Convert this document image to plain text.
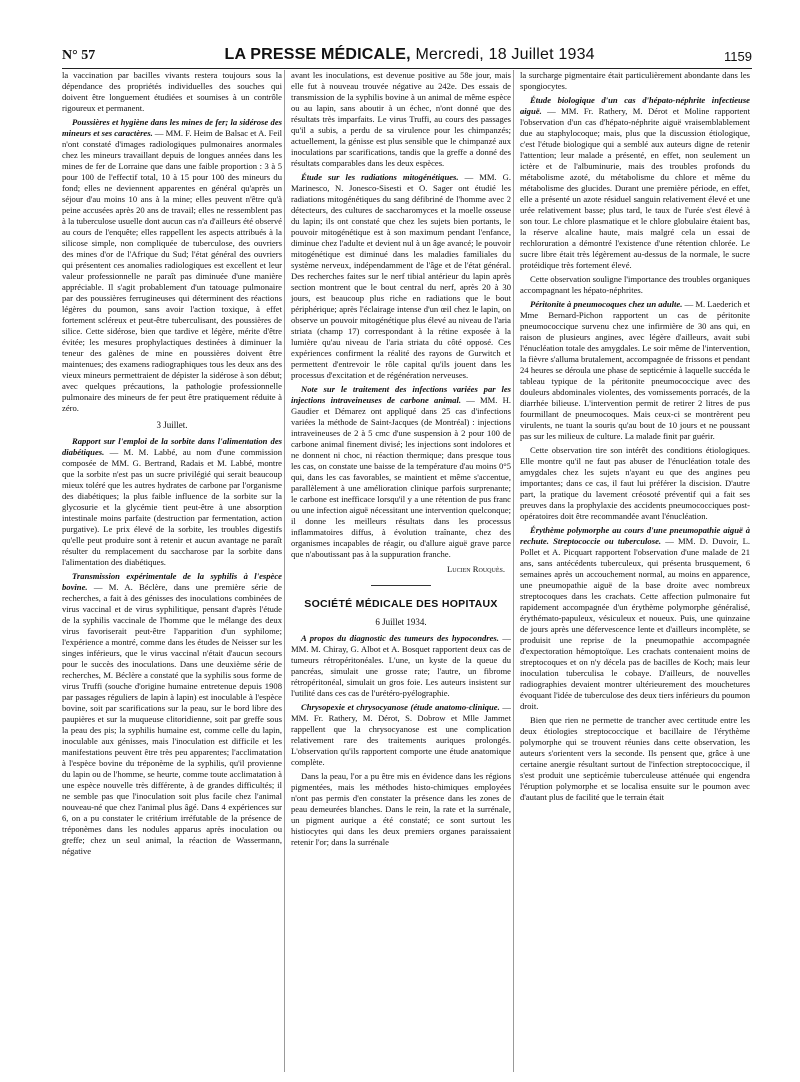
N° 57	LA PRESSE MÉDICALE, Mercredi, 18 Juillet 1934	1159

la vaccination par bacilles vivants restera toujours sous la dépendance des propriétés individuelles des souches qui doivent être longuement étudiées et soumises à un contrôle rigoureux et permanent.

Poussières et hygiène dans les mines de fer; la sidérose des mineurs et ses caractères. — MM. F. Heim de Balsac et A. Feil n'ont constaté d'images radiologiques pulmonaires anormales chez les mineurs travaillant depuis de longues années dans les mines de fer de Lorraine que dans une faible proportion : 3 à 5 pour 100 de l'effectif total, 10 à 15 pour 100 des mineurs du fond; elles ne deviennent apparentes en général qu'après un séjour d'au moins 10 ans à la mine; elles peuvent n'être qu'à peine accusées après 20 ans de travail; elles ne ressemblent pas à la tuberculose usuelle dont aucun cas n'a d'ailleurs été observé au cours de l'enquête; elles rappellent les aspects attribués à la silicose simple, non compliquée de tuberculose, des ouvriers des mines d'or de l'Afrique du Sud; l'état général des ouvriers qui présentent ces anomalies radiologiques est excellent et leur valeur professionnelle ne paraît pas diminuée d'une manière appréciable. Il s'agit probablement d'un tatouage pulmonaire par des poussières ferrugineuses qui déterminent des réactions légères du poumon, sans avoir l'action toxique, à effet fortement scléreux et peut-être tuberculisant, des poussières de silice. Cette sidérose, bien que tardive et légère, mérite d'être évitée; les mesures prophylactiques destinées à diminuer la teneur des galènes de mine en poussières doivent être maintenues; des examens radiographiques tous les deux ans des vieux mineurs permettraient de dépister la sidérose à son début; avec quelques précautions, la pathologie professionnelle pulmonaire des mineurs de fer peut être pratiquement réduite à zéro.

3 Juillet.

Rapport sur l'emploi de la sorbite dans l'alimentation des diabétiques. — M. M. Labbé, au nom d'une commission composée de MM. G. Bertrand, Radais et M. Labbé, montre que la sorbite n'est pas un sucre privilégié qui serait beaucoup mieux toléré que les autres hydrates de carbone par l'organisme des diabétiques; la plus faible influence de la sorbite sur la glycosurie et la glycémie tient peut-être à une absorption intestinale moins parfaite (destruction par fermentation, action purgative). Le prix élevé de la sorbite, les troubles digestifs qu'elle peut produire sont à retenir et aucun avantage ne paraît résulter du remplacement du saccharose par la sorbite dans l'alimentation des diabétiques.

Transmission expérimentale de la syphilis à l'espèce bovine. — M. A. Béclère, dans une première série de recherches, a fait à des génisses des inoculations combinées de virus vaccinal et de virus syphilitique, pensant d'après l'étude de la syphilis vaccinale de l'homme que le mélange des deux virus favoriserait peut-être l'apparition d'un syphilome; l'expérience a montré, comme dans les études de Neisser sur les singes inférieurs, que le virus vaccinal n'était d'aucun secours pour le succès des inoculations. Dans une deuxième série de recherches, M. Béclère a constaté que la syphilis sous forme de virus Truffi (souche d'origine humaine entretenue depuis 1908 par passages réguliers de lapin à lapin) est inoculable à l'espèce bovine, soit par scarifications sur la peau, sur le bord libre des paupières et sur la muqueuse clitoridienne, soit par greffe sous la peau des pis; la syphilis humaine est, comme celle du lapin, inoculable aux génisses, mais l'inoculation est difficile et les manifestations peuvent être très peu apparentes; l'acclimatation à l'espèce bovine du tréponème de la syphilis, qu'il provienne du lapin ou de l'homme, se heurte, comme toute acclimatation à une espèce nouvelle très différente, à de grandes difficultés; il ne semble pas que l'inoculation soit plus facile chez l'animal nouveau-né que chez l'animal plus âgé. Dans 4 expériences sur 6, on a pu constater le critérium irréfutable de la présence de tréponèmes dans les nodules apparus après inoculation ou greffe; chez un seul animal, la réaction de Wassermann, négative

avant les inoculations, est devenue positive au 58e jour, mais elle fut à nouveau trouvée négative au 242e. Des essais de transmission de la syphilis bovine à un animal de même espèce ou au lapin, sans aboutir à un échec, n'ont donné que des résultats très imparfaits. Le virus Truffi, au cours des passages qu'il a subis, a perdu de sa virulence pour les chimpanzés; actuellement, la génisse est plus sensible que le chimpanzé aux inoculations par scarifications, tandis que la greffe a donné des résultats comparables dans les deux espèces.

Étude sur les radiations mitogénétiques. — MM. G. Marinesco, N. Jonesco-Sisesti et O. Sager ont étudié les radiations mitogénétiques du sang défibriné de l'homme avec 2 détecteurs, des cultures de saccharomyces et la moelle osseuse du lapin; ils ont constaté que chez les sujets bien portants, le pouvoir mitogénétique est à son maximum pendant l'enfance, diminue chez l'adulte et devient nul à un âge avancé; le pouvoir mitogénétique est diminué dans les maladies familiales du système nerveux, indépendamment de l'âge et de l'état général. Des recherches faites sur le nerf tibial antérieur du lapin après section montrent que le bout central du nerf, après 20 à 30 jours, est beaucoup plus riche en radiations que le bout périphérique; après l'éclairage intense d'un œil chez le lapin, on observe un pouvoir mitogénétique plus élevé au niveau de l'aria striata (champ 17) correspondant à la rétine exposée à la lumière qu'au niveau de l'aria striata du côté opposé. Ces expériences confirment la réalité des rayons de Gurwitch et permettent d'entrevoir le rôle capital qu'ils jouent dans les processus d'excitation et de régénération nerveuses.

Note sur le traitement des infections variées par les injections intraveineuses de carbone animal. — MM. H. Gaudier et Démarez ont appliqué dans 25 cas d'infections variées la méthode de Saint-Jacques (de Montréal) : injections intraveineuses de 2 à 5 cmc d'une suspension à 2 pour 100 de carbone animal finement divisé; les injections sont indolores et ne donnent ni choc, ni réaction thermique; dans presque tous les cas, on constate une baisse de la température d'au moins 0°5 qui, dans les cas favorables, se maintient et même s'accentue, parallèlement à une amélioration clinique parfois surprenante; le carbone est inefficace lorsqu'il y a une rétention de pus franc ou une infection aiguë nécessitant une intervention quelconque; il donne les meilleurs résultats dans les processus inflammatoires diffus, à évolution traînante, chez des organismes incapables de réagir, ou d'allure aiguë grave parce que n'aboutissant pas à la suppuration franche.

Lucien Rouquès.

SOCIÉTÉ MÉDICALE DES HOPITAUX

6 Juillet 1934.

A propos du diagnostic des tumeurs des hypocondres. — MM. M. Chiray, G. Albot et A. Bosquet rapportent deux cas de tumeurs rétropéritonéales. L'une, un kyste de la queue du pancréas, simulait une grosse rate; l'autre, un fibrome rétropéritonéal, simulait un gros foie. Les auteurs insistent sur l'utilité dans ces cas de l'urétéro-pyélographie.

Chrysopexie et chrysocyanose (étude anatomo-clinique. — MM. Fr. Rathery, M. Dérot, S. Dobrow et Mlle Jammet rappellent que la chrysocyanose est une complication relativement rare des traitements auriques prolongés. L'observation qu'ils rapportent comporte une étude anatomique complète.

Dans la peau, l'or a pu être mis en évidence dans les régions pigmentées, mais les méthodes histo-chimiques employées n'ont pas permis d'en constater la présence dans les zones de peau demeurées blanches. Dans le rein, la rate et la surrénale, un pigment aurique a été constaté; ce sont surtout les histiocytes qui dans les deux premiers organes paraissaient retenir l'or; dans la surrénale

la surcharge pigmentaire était particulièrement abondante dans les spongiocytes.

Étude biologique d'un cas d'hépato-néphrite infectieuse aiguë. — MM. Fr. Rathery, M. Dérot et Moline rapportent l'observation d'un cas d'hépato-néphrite aiguë vraisemblablement due au staphylocoque; mais, plus que la discussion étiologique, c'est l'étude biologique qui a semblé aux auteurs digne de retenir l'attention; leur malade a présenté, en effet, non seulement un ictère et de l'albuminurie, mais des troubles profonds du métabolisme azoté, du métabolisme du chlore et même du métabolisme des glucides. Durant une première période, en effet, elle a présenté un azote résiduel sanguin relativement élevé et une urée relativement basse; plus tard, le taux de l'urée s'est élevé à son tour. Le chlore plasmatique et le chlore globulaire étaient bas, la réserve alcaline haute, mais malgré cela un essai de rechloruration a démontré l'existence d'une rétention chlorée. Le sucre libre était très légèrement au-dessus de la normale, le sucre protéidique très fortement élevé.

Cette observation souligne l'importance des troubles organiques accompagnant les hépato-néphrites.

Péritonite à pneumocoques chez un adulte. — M. Laederich et Mme Bernard-Pichon rapportent un cas de péritonite pneumococcique survenu chez une infirmière de 30 ans qui, en raison de plusieurs angines, avec légère d'ailleurs, avait subi l'énucléation totale des amygdales. Le soir même de l'intervention, la fièvre s'alluma brutalement, accompagnée de frissons et pendant 24 heures se déroula une phase de septicémie à laquelle succéda le tableau typique de la péritonite pneumococcique avec des douleurs abdominales violentes, des vomissements porracés, de la diarrhée bilieuse. L'intervention permit de retirer 2 litres de pus fourmillant de pneumocoques. Mais ceux-ci se montrèrent peu virulents, ne tuant la souris qu'au bout de 10 jours et ne poussant pas sur les milieux de culture. La malade finit par guérir.

Cette observation tire son intérêt des conditions étiologiques. Elle montre qu'il ne faut pas abuser de l'énucléation totale des amygdales chez les sujets n'ayant eu que des angines peu importantes; dans ce cas, il faut lui préférer la discision. D'autre part, la pratique du lavement créosoté préventif qui a fait ses preuves dans la prophylaxie des accidents pneumococciques post-opératoires doit être recommandée avant l'énucléation.

Érythème polymorphe au cours d'une pneumopathie aiguë à rechute. Streptococcie ou tuberculose. — MM. D. Duvoir, L. Pollet et A. Picquart rapportent l'observation d'une malade de 21 ans, sans antécédents tuberculeux, qui présenta brusquement, 6 semaines après un accouchement normal, au moins en apparence, une pneumopathie aiguë de la base droite avec nombreux streptocoques dans les crachats. Cette affection pulmonaire fut rapidement accompagnée d'un érythème polymorphe généralisé, érythémato-papuleux, vésiculeux et noueux. Puis, une quinzaine de jours après une défervescence lente et d'ailleurs incomplète, se produisit une reprise de la pneumopathie accompagnée d'expectoration hémoptoïque. Les crachats contenaient moins de streptocoques et on n'y décela pas de bacilles de Koch; mais leur inoculation tuberculisa le cobaye. D'ailleurs, de nouvelles radiographies devaient montrer ultérieurement des mouchetures évoquant l'idée de tuberculose des deux tiers inférieurs du poumon droit.

Bien que rien ne permette de trancher avec certitude entre les deux étiologies streptococcique et bacillaire de l'érythème polymorphe qui se trouvent réunies dans cette observation, les auteurs s'orientent vers la seconde. Ils pensent que, grâce à une certaine anergie résultant surtout de l'infection streptococcique, il s'est produit une septicémie tuberculeuse atténuée qui engendra l'éruption polymorphe et se localisa ensuite sur le poumon avec d'autant plus de facilité que le terrain était
